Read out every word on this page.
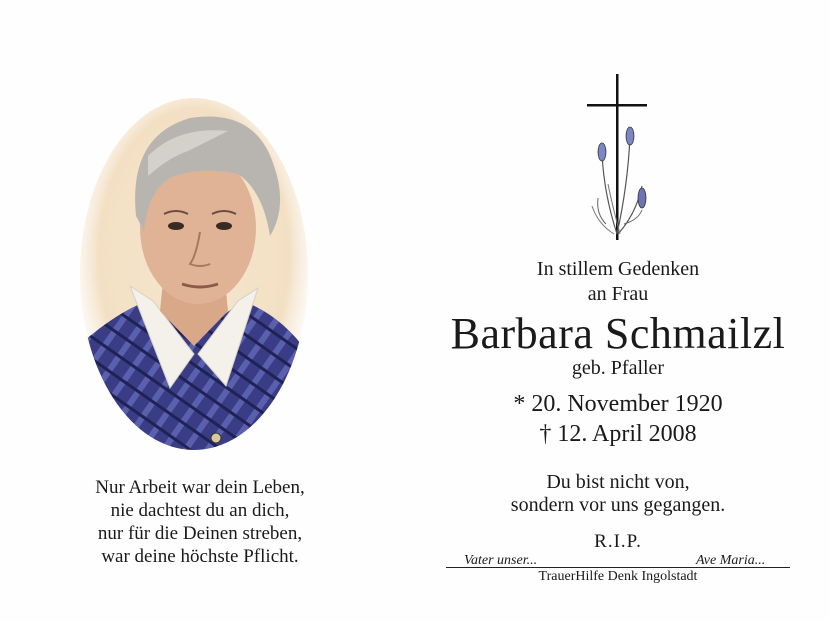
Nur Arbeit war dein Leben,
nie dachtest du an dich,
nur für die Deinen streben,
war deine höchste Pflicht.
In stillem Gedenken
an Frau
Barbara Schmailzl
geb. Pfaller
* 20. November 1920
† 12. April 2008
Du bist nicht von,
sondern vor uns gegangen.
R.I.P.
Vater unser...	Ave Maria...
TrauerHilfe Denk Ingolstadt
